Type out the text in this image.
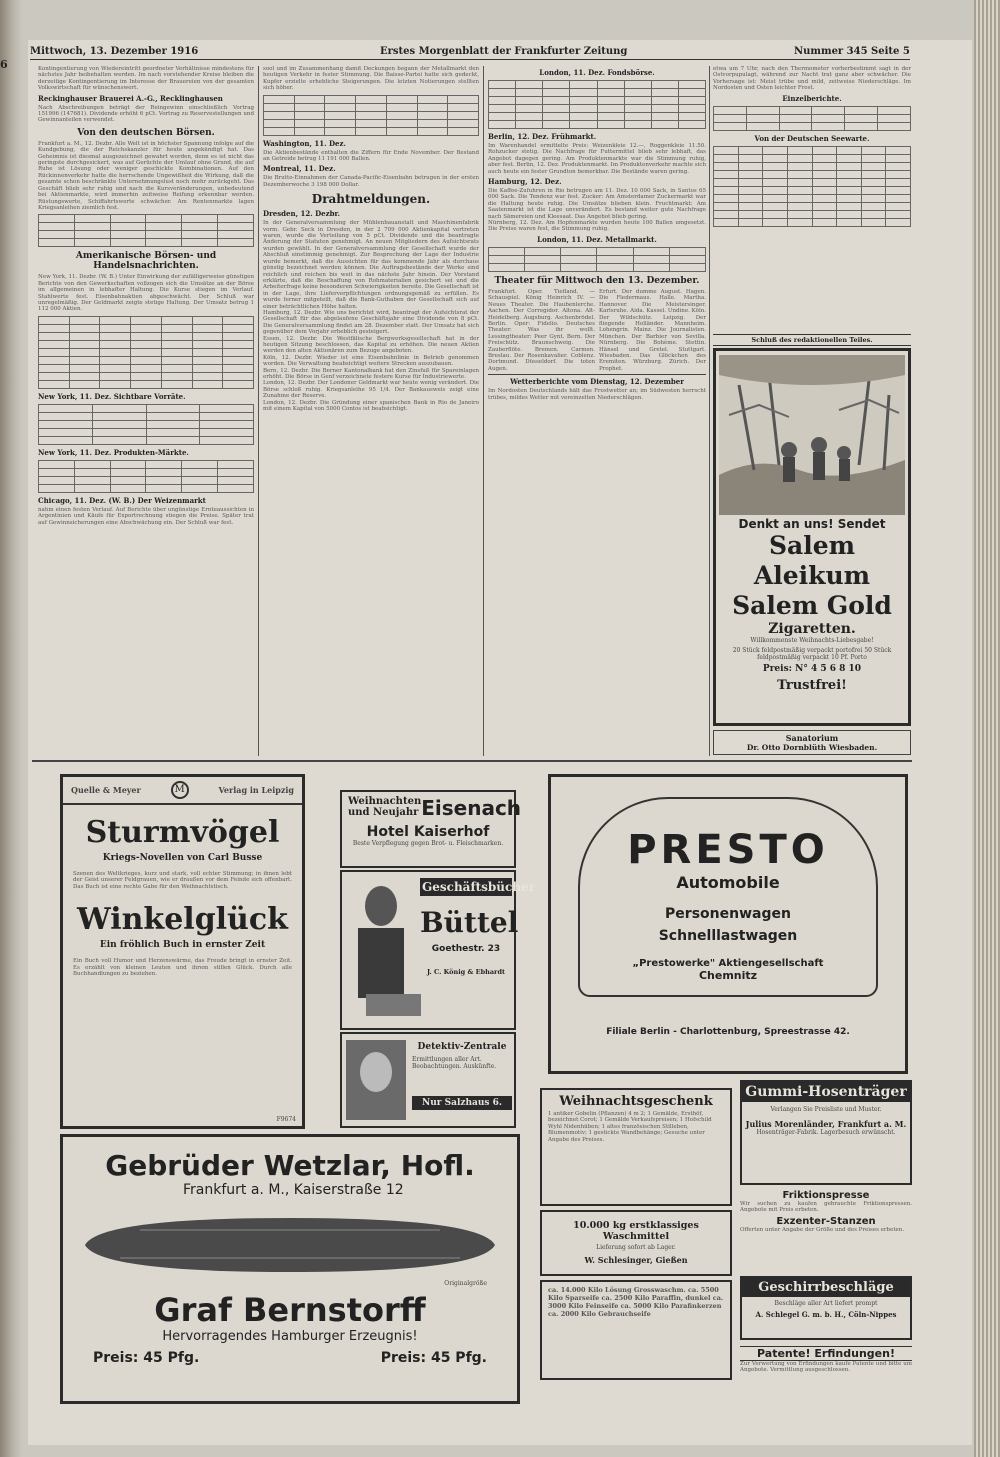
6
Mittwoch, 13. Dezember 1916	Erstes Morgenblatt der Frankfurter Zeitung	Nummer 345 Seite 5

Kontingentierung von Wiedereintritt geordneter Verhältnisse mindestens für nächstes Jahr beibehalten werden. Im nach vorstehender Kreise bleiben die derzeitige Kontingentierung im Interesse der Brauereien von der gesamten Volkswirtschaft für wünschenswert.

Reckinghauser Brauerei A.-G., Recklinghausen

Nach Abschreibungen beträgt der Reingewinn einschließlich Vortrag 151996 (147681). Dividende erhöht 6 pCt. Vortrag zu Reservestellungen und Gewinnanteilen verwendet.

Von den deutschen Börsen.

Frankfurt a. M., 12. Dezbr. Alle Welt ist in höchster Spannung infolge auf die Kundgebung, die der Reichskanzler für heute angekündigt hat. Das Geheimnis ist diesmal ausgezeichnet gewahrt worden, denn es ist nicht das geringste durchgesickert, was auf Gerüchte der Umlauf ohne Grund, die auf Ruhe ist Lösung oder weniger geschickte Kombinationen. Auf den Rückinnenverkehr hatte die herrschende Ungewißheit die Wirkung, daß die gesamte schon beschränkte Unternehmungslust noch mehr zurückgeht. Das Geschäft blieb sehr ruhig und nach die Kursveränderungen, unbedeutend bei Aktienmarkte, wird immerhin zeitweise Reifung erkennbar werden. Rüstungswerte, Schiffahrtswerte schwächer. Am Rentenmarkte lagen Kriegsanleihen ziemlich fest.

Amerikanische Börsen- und Handelsnachrichten.

New York, 11. Dezbr. (W. B.) Unter Einwirkung der zufälligerweise günstigen Berichte von den Gewerkschaften vollzogen sich die Umsätze an der Börse im allgemeinen in lebhafter Haltung. Die Kurse stiegen im Verlauf. Stahlwerte fest. Eisenbahnaktien abgeschwächt. Der Schluß war unregelmäßig. Der Geldmarkt zeigte stetige Haltung. Der Umsatz betrug 1 112 000 Aktien.

New York, 11. Dez. Sichtbare Vorräte.

New York, 11. Dez. Produkten-Märkte.

Chicago, 11. Dez. (W. B.) Der Weizenmarkt

nahm einen festen Verlauf. Auf Berichte über ungünstige Ernteaussichten in Argentinien und Käufe für Exportrechnung stiegen die Preise. Später trat auf Gewinnsicherungen eine Abschwächung ein. Der Schluß war fest.

sool und im Zusammenhang damit Deckungen begann der Metallmarkt den heutigen Verkehr in fester Stimmung. Die Baisse-Partei hatte sich gedeckt, Kupfer erzielte erhebliche Steigerungen. Die letzten Notierungen stellten sich höher.

Washington, 11. Dez.

Die Aktienbestände enthalten die Ziffern für Ende November. Der Bestand an Getreide betrug 11 191 000 Ballen.

Montreal, 11. Dez.

Die Brutto-Einnahmen der Canada-Pacific-Eisenbahn betrugen in der ersten Dezemberwoche 3 198 000 Dollar.

Drahtmeldungen.
Dresden, 12. Dezbr.

In der Generalversammlung der Mühlenbauanstalt und Maschinenfabrik vorm. Gebr. Seck in Dresden, in der 2 709 000 Aktienkapital vertreten waren, wurde die Verteilung von 5 pCt. Dividende und die beantragte Änderung der Statuten genehmigt. An neuen Mitgliedern des Aufsichtsrats wurden gewählt. In der Generalversammlung der Gesellschaft wurde der Abschluß einstimmig genehmigt. Zur Besprechung der Lage der Industrie wurde bemerkt, daß die Aussichten für das kommende Jahr als durchaus günstig bezeichnet werden können. Die Auftragsbestände der Werke sind reichlich und reichen bis weit in das nächste Jahr hinein. Der Vorstand erklärte, daß die Beschaffung von Rohmaterialien gesichert sei und die Arbeiterfrage keine besonderen Schwierigkeiten bereite. Die Gesellschaft ist in der Lage, ihre Lieferverpflichtungen ordnungsgemäß zu erfüllen. Es wurde ferner mitgeteilt, daß die Bank-Guthaben der Gesellschaft sich auf einer beträchtlichen Höhe halten.

Hamburg, 12. Dezbr. Wie uns berichtet wird, beantragt der Aufsichtsrat der Gesellschaft für das abgelaufene Geschäftsjahr eine Dividende von 8 pCt. Die Generalversammlung findet am 28. Dezember statt. Der Umsatz hat sich gegenüber dem Vorjahr erheblich gesteigert.

Essen, 12. Dezbr. Die Westfälische Bergwerksgesellschaft hat in der heutigen Sitzung beschlossen, das Kapital zu erhöhen. Die neuen Aktien werden den alten Aktionären zum Bezuge angeboten.

Köln, 12. Dezbr. Wieder ist eine Eisenbahnlinie in Betrieb genommen worden. Die Verwaltung beabsichtigt weitere Strecken auszubauen.

Bern, 12. Dezbr. Die Berner Kantonalbank hat den Zinsfuß für Spareinlagen erhöht. Die Börse in Genf verzeichnete festere Kurse für Industriewerte.

London, 12. Dezbr. Der Londoner Geldmarkt war heute wenig verändert. Die Börse schloß ruhig. Kriegsanleihe 95 1/4. Der Bankausweis zeigt eine Zunahme der Reserve.

London, 12. Dezbr. Die Gründung einer spanischen Bank in Rio de Janeiro mit einem Kapital von 5000 Contos ist beabsichtigt.

London, 11. Dez. Fondsbörse.

Berlin, 12. Dez. Frühmarkt.

Im Warenhandel ermittelte Preis: Weizenkleie 12.—, Roggenkleie 11.50. Rohzucker stetig. Die Nachfrage für Futtermittel blieb sehr lebhaft, das Angebot dagegen gering. Am Produktenmarkte war die Stimmung ruhig, aber fest. Berlin, 12. Dez. Produktenmarkt. Im Produktenverkehr machte sich auch heute ein fester Grundton bemerkbar. Die Bestände waren gering.

Hamburg, 12. Dez.

Die Kaffee-Zufuhren in Rio betrugen am 11. Dez. 10 000 Sack, in Santos 65 000 Sack. Die Tendenz war fest. Zucker: Am Amsterdamer Zuckermarkt war die Haltung heute ruhig. Die Umsätze blieben klein. Fruchtmarkt: Am Saatenmarkt ist die Lage unverändert. Es bestand weiter gute Nachfrage nach Sämereien und Kleesaat. Das Angebot blieb gering.

Nürnberg, 12. Dez. Am Hopfenmarkte wurden heute 100 Ballen umgesetzt. Die Preise waren fest, die Stimmung ruhig.

London, 11. Dez. Metallmarkt.

Theater für Mittwoch den 13. Dezember.

Frankfurt. Oper. Tiefland. — Schauspiel. König Heinrich IV. — Neues Theater. Die Haubenlerche. Aachen. Der Corregidor. Altona. Alt-Heidelberg. Augsburg. Aschenbrödel. Berlin. Oper: Fidelio. Deutsches Theater: Was ihr wollt. Lessingtheater: Peer Gynt. Bern. Der Freischütz. Braunschweig. Die Zauberflöte. Bremen. Carmen. Breslau. Der Rosenkavalier. Coblenz. Dortmund. Düsseldorf. Die toten Augen.

Erfurt. Der dumme August. Hagen. Die Fledermaus. Halle. Martha. Hannover. Die Meistersinger. Karlsruhe. Aida. Kassel. Undine. Köln. Der Wildschütz. Leipzig. Der fliegende Holländer. Mannheim. Lohengrin. Mainz. Die Journalisten. München. Der Barbier von Sevilla. Nürnberg. Die Bohème. Stettin. Hänsel und Gretel. Stuttgart. Wiesbaden. Das Glöckchen des Eremiten. Würzburg. Zürich. Der Prophet.

Wetterberichte vom Dienstag, 12. Dezember

Im Nordosten Deutschlands hält das Frostwetter an; im Südwesten herrscht trübes, mildes Wetter mit vereinzelten Niederschlägen.

etwa um 7 Uhr, nach den Thermometer vorherbestimmt sagt in der Ostvorpupulagt, während zur Nacht trat ganz aber schwächer. Die Vorhersage ist: Meist trübe und mild, zeitweise Niederschläge. Im Nordosten und Osten leichter Frost.

Einzelberichte.

Von der Deutschen Seewarte.

Schluß des redaktionellen Teiles.
Denkt an uns! Sendet
Salem Aleikum
Salem Gold
Zigaretten.
Willkommenste Weihnachts-Liebesgabe!
20 Stück feldpostmäßig verpackt portofrei 50 Stück feldpostmäßig verpackt 10 Pf. Porto
Preis: N° 4 5 6 8 10
Trustfrei!
Sanatorium
Dr. Otto Dornblüth Wiesbaden.
Quelle & Meyer	M	Verlag in Leipzig
Sturmvögel
Kriegs-Novellen von Carl Busse
Szenen des Weltkrieges, kurz und stark, voll echter Stimmung; in ihnen lebt der Geist unserer Feldgrauen, wie er draußen vor dem Feinde sich offenbart. Das Buch ist eine rechte Gabe für den Weihnachtstisch.
Winkelglück
Ein fröhlich Buch in ernster Zeit
Ein Buch voll Humor und Herzenswärme, das Freude bringt in ernster Zeit. Es erzählt von kleinen Leuten und ihrem stillen Glück. Durch alle Buchhandlungen zu beziehen.
F9674
Weihnachten
und Neujahr Eisenach
Hotel Kaiserhof
Beste Verpflegung gegen Brot- u. Fleischmarken.
Geschäftsbücher
Büttel
Goethestr. 23
J. C. König & Ebhardt
Detektiv-Zentrale
Ermittlungen aller Art. Beobachtungen. Auskünfte.
Nur Salzhaus 6.
PRESTO
Automobile
Personenwagen
Schnelllastwagen
„Prestowerke" Aktiengesellschaft
Chemnitz
Filiale Berlin - Charlottenburg, Spreestrasse 42.
Gebrüder Wetzlar, Hofl.
Frankfurt a. M., Kaiserstraße 12
Originalgröße
Graf Bernstorff
Hervorragendes Hamburger Erzeugnis!
Preis: 45 Pfg.	Preis: 45 Pfg.
Weihnachtsgeschenk
1 antiker Gobelin (Pflanzen) 4 m 2; 1 Gemälde, Ersthöf, bezeichnet Corot; 1 Gemälde Verkaufspreisen; 1 Hofschild Wyhl Nidenhüben; 1 altes französischen Stilleben, Blumenmotiv; 1 gestickte Wandbehänge; Gesuche unter Angabe des Preises.
10.000 kg erstklassiges Waschmittel
Lieferung sofort ab Lager.
W. Schlesinger, Gießen
ca. 14.000 Kilo Lösung Grosswaschm. ca. 5500 Kilo Sparseife ca. 2500 Kilo Paraffin, dunkel ca. 3000 Kilo Feinseife ca. 5000 Kilo Parafinkerzen ca. 2000 Kilo Gebrauchseife
Gummi-Hosenträger
Verlangen Sie Preisliste und Muster.
Julius Morenländer, Frankfurt a. M.
Hosenträger-Fabrik. Lagerbesuch erwünscht.
Friktionspresse
Wir suchen zu kaufen gebrauchte Friktionspressen. Angebote mit Preis erbeten.
Exzenter-Stanzen
Offerten unter Angabe der Größe und des Preises erbeten.
Geschirrbeschläge
Beschläge aller Art liefert prompt
A. Schlegel G. m. b. H., Cöln-Nippes
Patente! Erfindungen!
Zur Verwertung von Erfindungen kaufe Patente und bitte um Angebote. Vermittlung ausgeschlossen.
